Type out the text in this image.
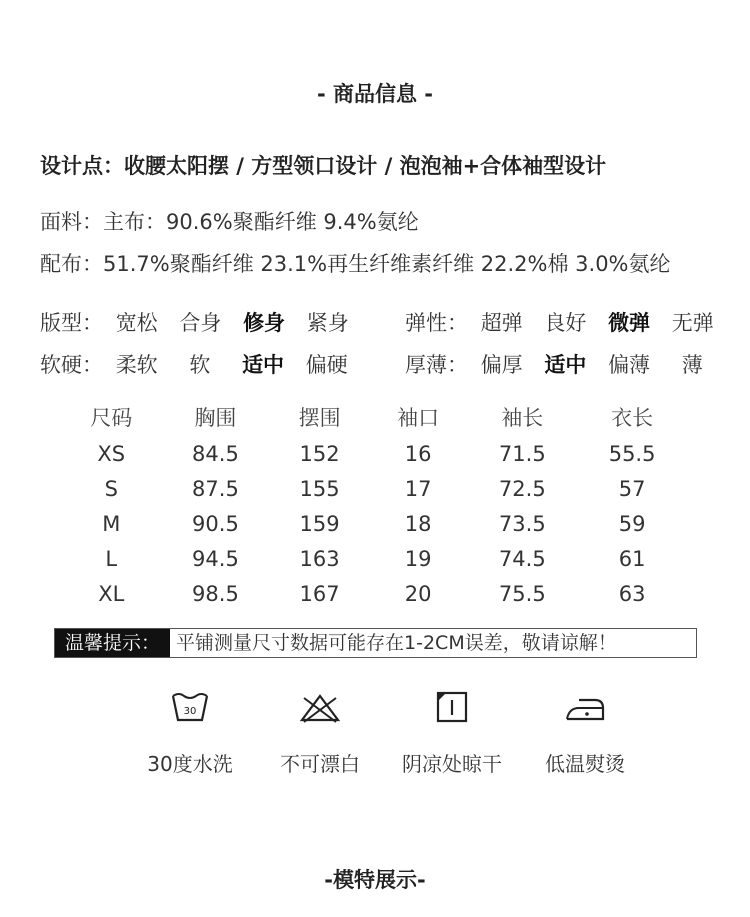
- 商品信息 -
设计点：收腰太阳摆 / 方型领口设计 / 泡泡袖+合体袖型设计
面料：主布：90.6%聚酯纤维 9.4%氨纶
配布：51.7%聚酯纤维 23.1%再生纤维素纤维 22.2%棉 3.0%氨纶
版型： 宽松 合身 修身 紧身	弹性： 超弹 良好 微弹 无弹
软硬： 柔软 软 适中 偏硬	厚薄： 偏厚 适中 偏薄 薄
尺码	胸围	摆围	袖口	袖长	衣长
XS	84.5	152	16	71.5	55.5
S	87.5	155	17	72.5	57
M	90.5	159	18	73.5	59
L	94.5	163	19	74.5	61
XL	98.5	167	20	75.5	63
温馨提示： 平铺测量尺寸数据可能存在1-2CM误差，敬请谅解！
30
30度水洗	不可漂白	阴凉处晾干	低温熨烫
-模特展示-
